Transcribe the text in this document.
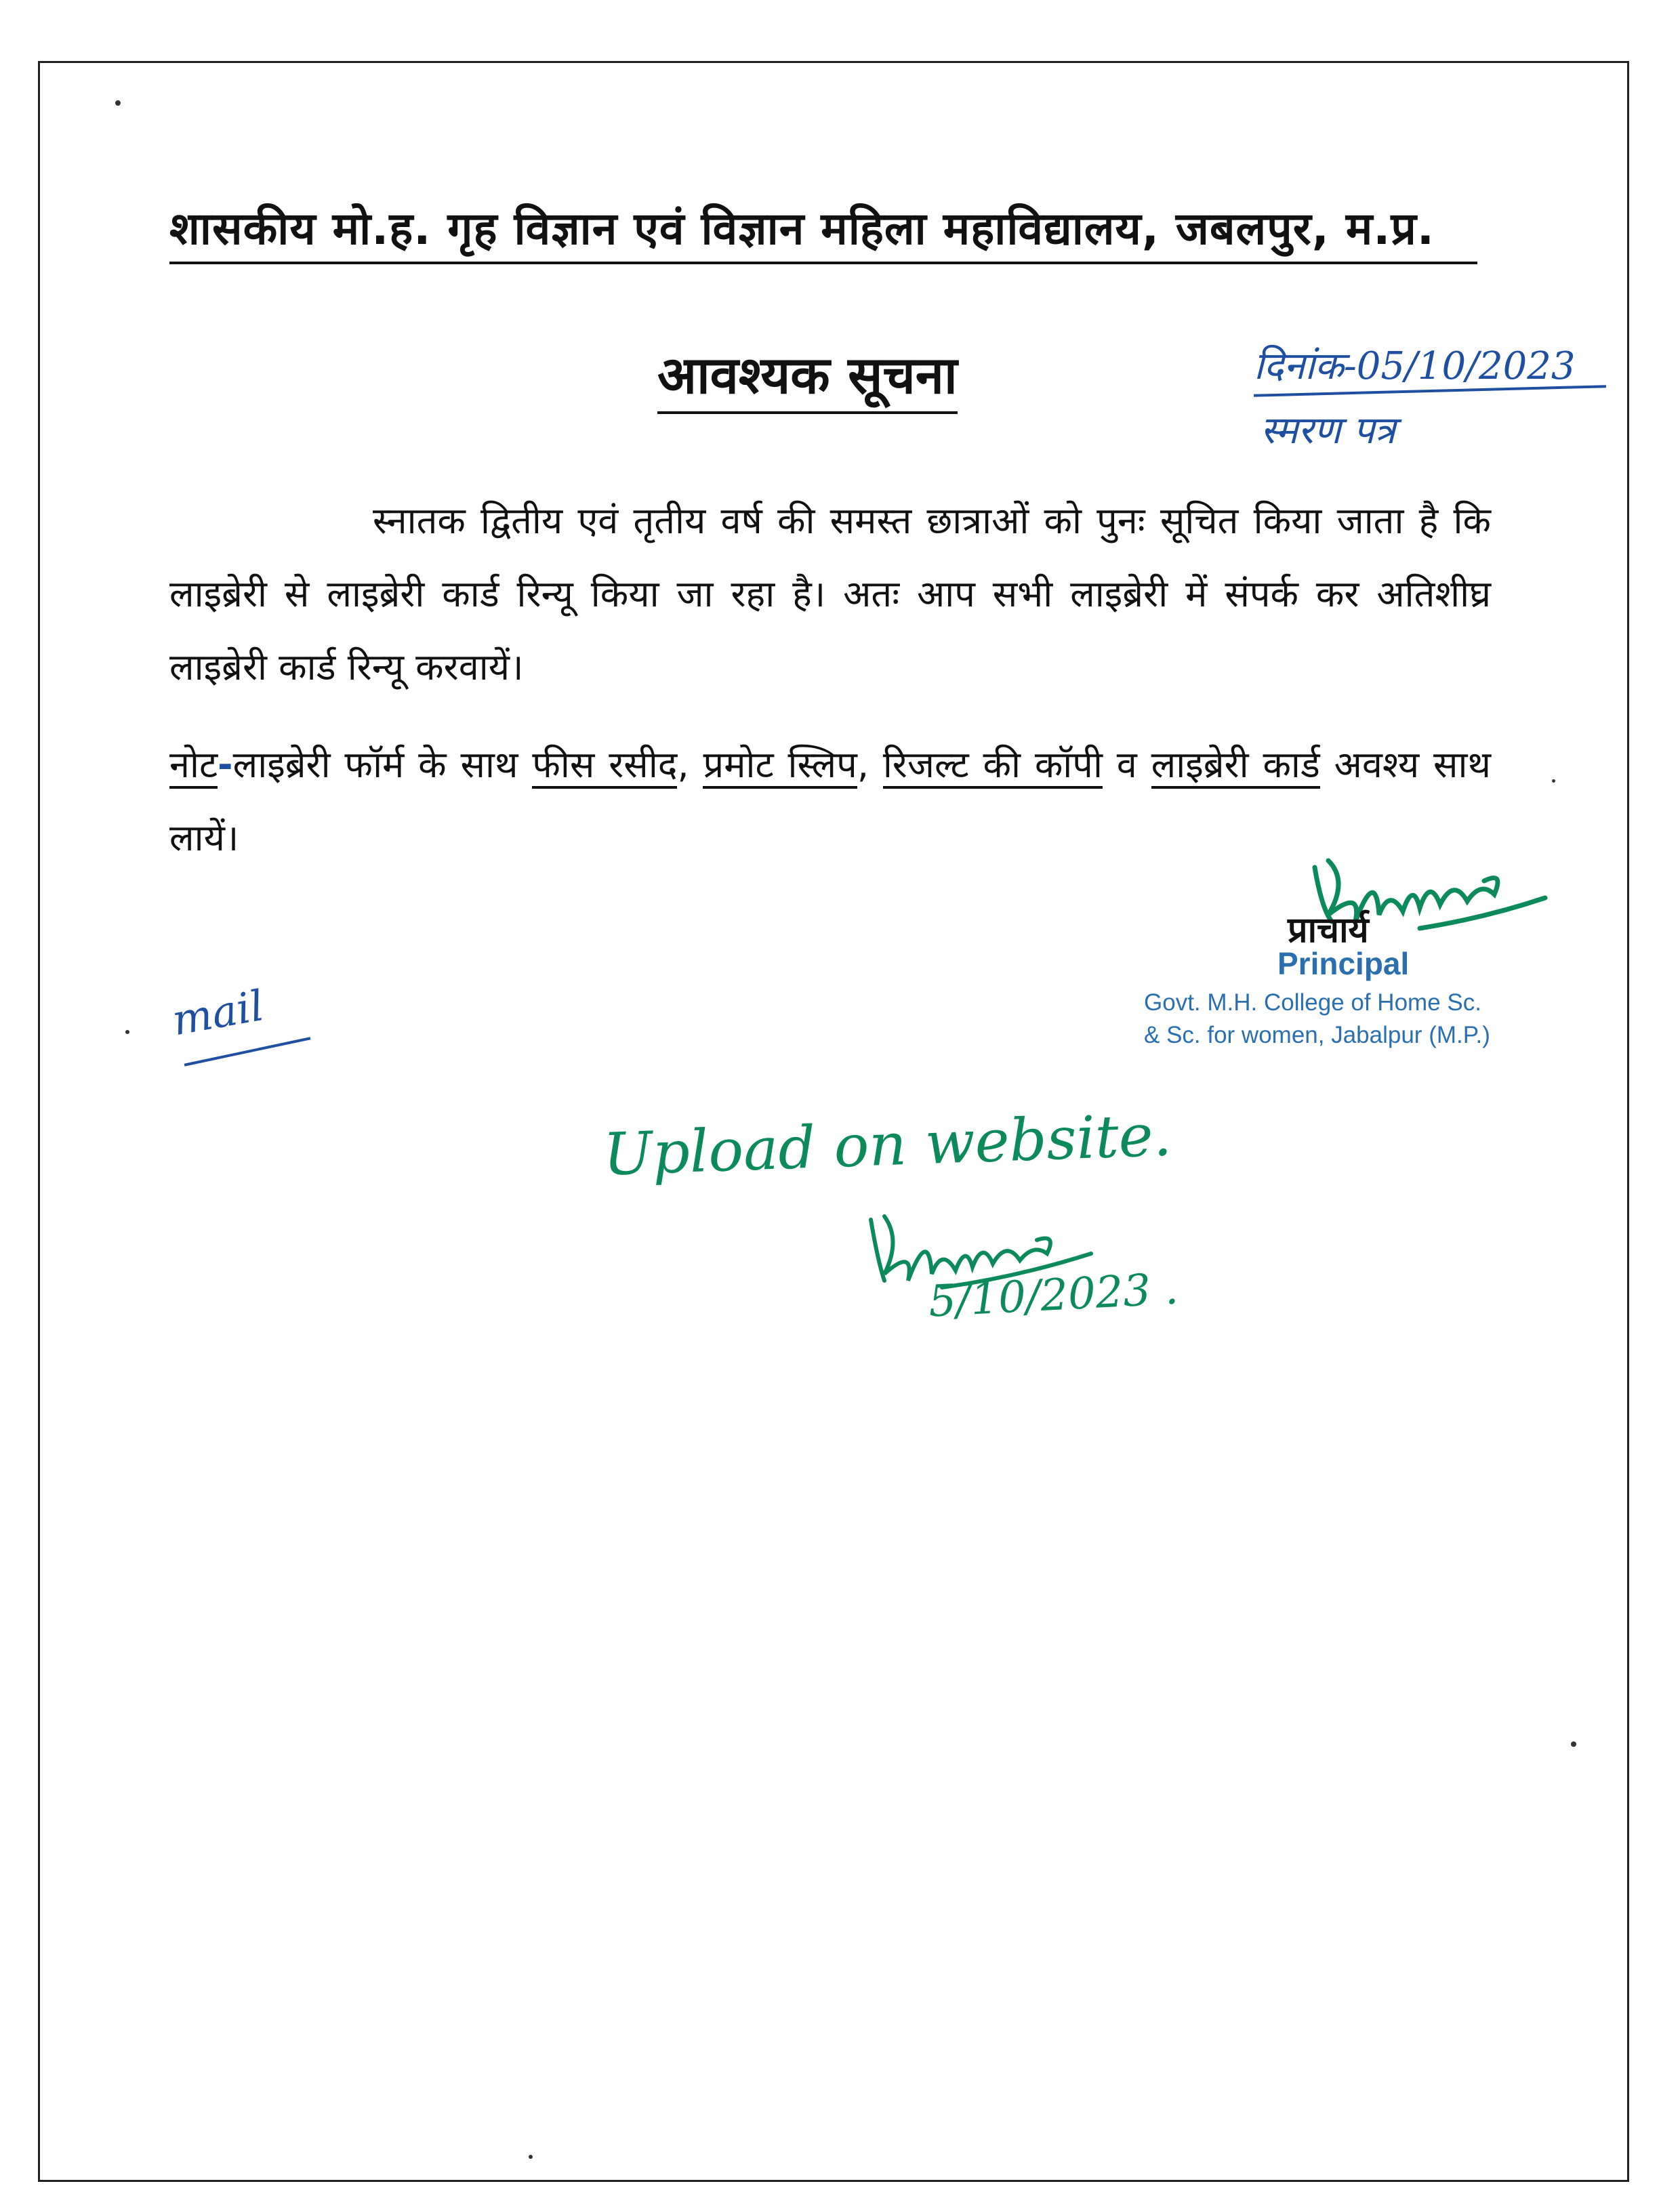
शासकीय मो.ह. गृह विज्ञान एवं विज्ञान महिला महाविद्यालय, जबलपुर, म.प्र.
आवश्यक सूचना	दिनांक-05/10/2023
स्मरण पत्र
स्नातक द्वितीय एवं तृतीय वर्ष की समस्त छात्राओं को पुनः सूचित किया जाता है कि लाइब्रेरी से लाइब्रेरी कार्ड रिन्यू किया जा रहा है। अतः आप सभी लाइब्रेरी में संपर्क कर अतिशीघ्र लाइब्रेरी कार्ड रिन्यू करवायें।
नोट-लाइब्रेरी फॉर्म के साथ फीस रसीद, प्रमोट स्लिप, रिजल्ट की कॉपी व लाइब्रेरी कार्ड अवश्य साथ लायें।
प्राचार्य
Principal
Govt. M.H. College of Home Sc.
& Sc. for women, Jabalpur (M.P.)
mail
Upload on website.
5/10/2023 .
